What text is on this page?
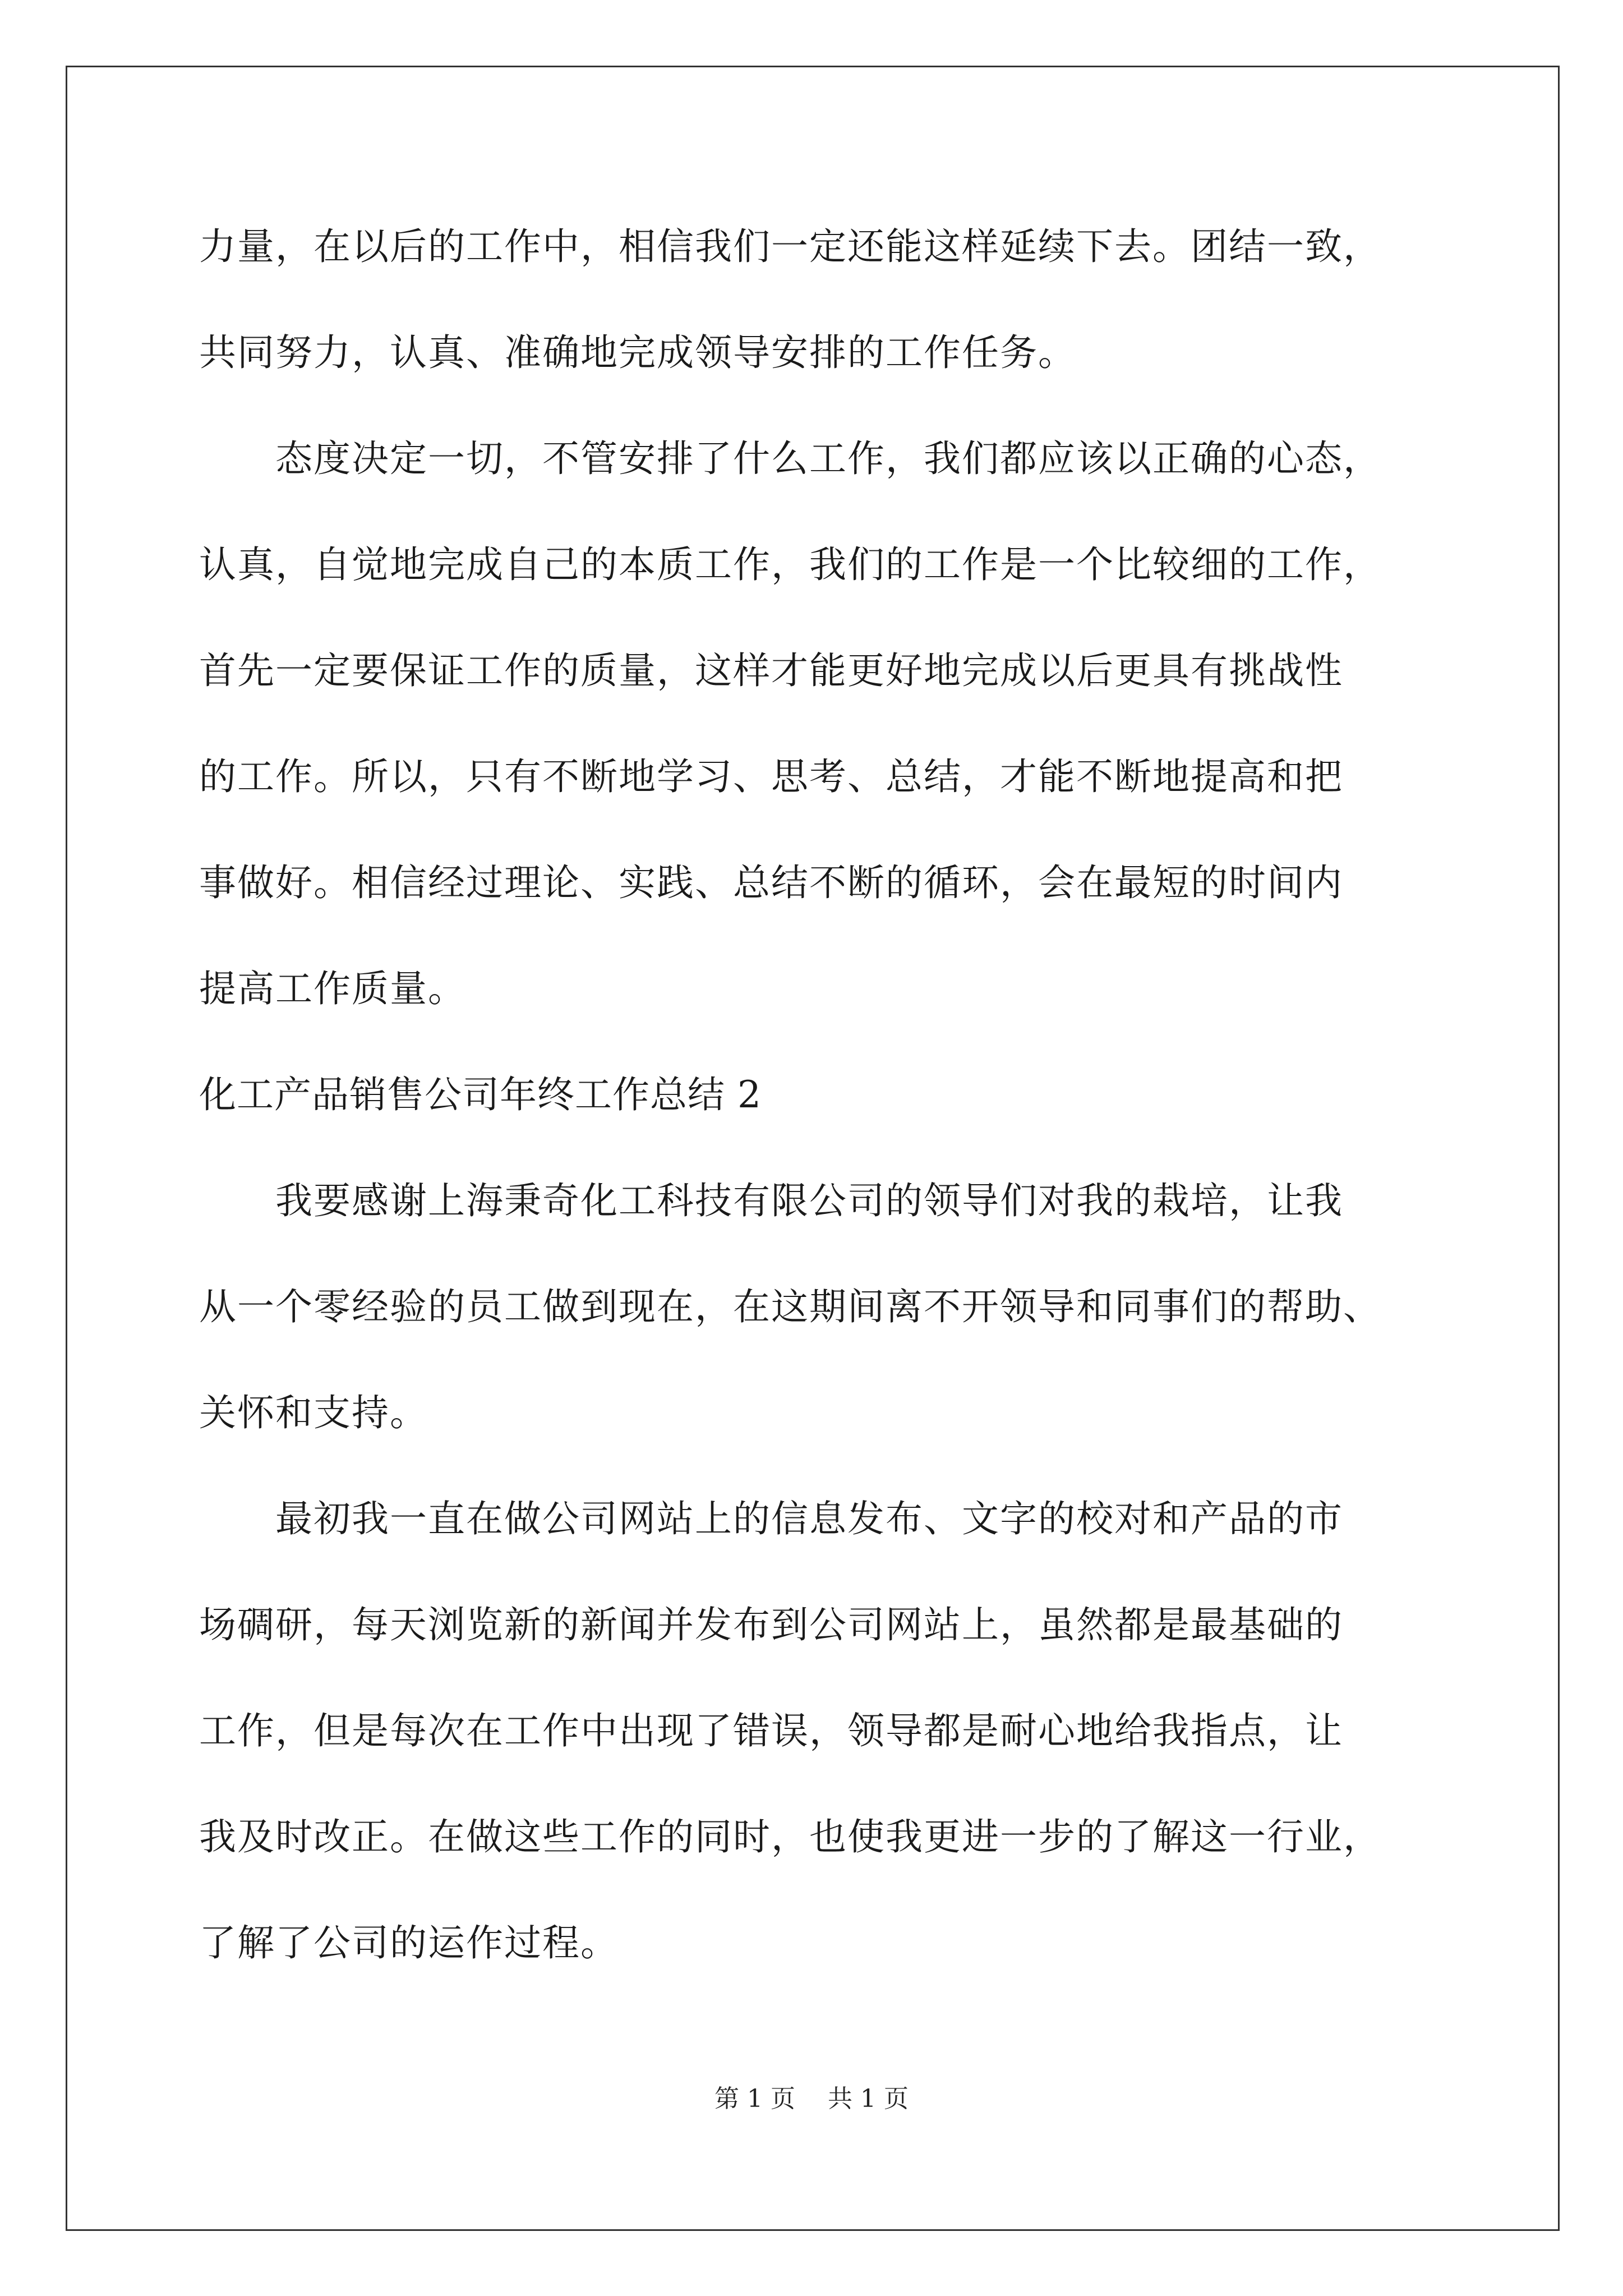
力量，在以后的工作中，相信我们一定还能这样延续下去。团结一致，

共同努力，认真、准确地完成领导安排的工作任务。

　　态度决定一切，不管安排了什么工作，我们都应该以正确的心态，

认真，自觉地完成自己的本质工作，我们的工作是一个比较细的工作，

首先一定要保证工作的质量，这样才能更好地完成以后更具有挑战性

的工作。所以，只有不断地学习、思考、总结，才能不断地提高和把

事做好。相信经过理论、实践、总结不断的循环，会在最短的时间内

提高工作质量。

化工产品销售公司年终工作总结 2

　　我要感谢上海秉奇化工科技有限公司的领导们对我的栽培，让我

从一个零经验的员工做到现在，在这期间离不开领导和同事们的帮助、

关怀和支持。

　　最初我一直在做公司网站上的信息发布、文字的校对和产品的市

场碉研，每天浏览新的新闻并发布到公司网站上，虽然都是最基础的

工作，但是每次在工作中出现了错误，领导都是耐心地给我指点，让

我及时改正。在做这些工作的同时，也使我更进一步的了解这一行业，

了解了公司的运作过程。

第 1 页 共 1 页
